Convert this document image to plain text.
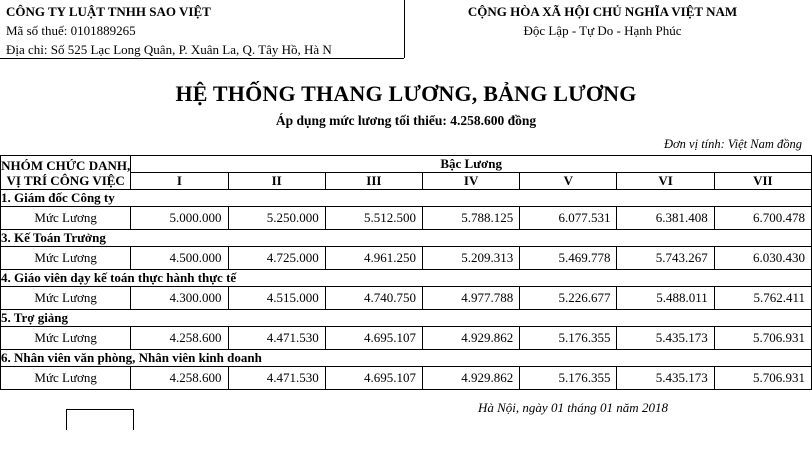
CÔNG TY LUẬT TNHH SAO VIỆT
Mã số thuế: 0101889265
Địa chỉ: Số 525 Lạc Long Quân, P. Xuân La, Q. Tây Hồ, Hà N
CỘNG HÒA XÃ HỘI CHỦ NGHĨA VIỆT NAM
Độc Lập - Tự Do - Hạnh Phúc
HỆ THỐNG THANG LƯƠNG, BẢNG LƯƠNG
Áp dụng mức lương tối thiểu: 4.258.600 đồng
Đơn vị tính: Việt Nam đồng
NHÓM CHỨC DANH,
VỊ TRÍ CÔNG VIỆC	Bậc Lương						
	I	II	III	IV	V	VI	VII
1. Giám đốc Công ty							
Mức Lương	5.000.000	5.250.000	5.512.500	5.788.125	6.077.531	6.381.408	6.700.478
3. Kế Toán Trưởng							
Mức Lương	4.500.000	4.725.000	4.961.250	5.209.313	5.469.778	5.743.267	6.030.430
4. Giáo viên dạy kế toán thực hành thực tế							
Mức Lương	4.300.000	4.515.000	4.740.750	4.977.788	5.226.677	5.488.011	5.762.411
5. Trợ giảng							
Mức Lương	4.258.600	4.471.530	4.695.107	4.929.862	5.176.355	5.435.173	5.706.931
6. Nhân viên văn phòng, Nhân viên kinh doanh							
Mức Lương	4.258.600	4.471.530	4.695.107	4.929.862	5.176.355	5.435.173	5.706.931
Hà Nội, ngày 01 tháng 01 năm 2018
